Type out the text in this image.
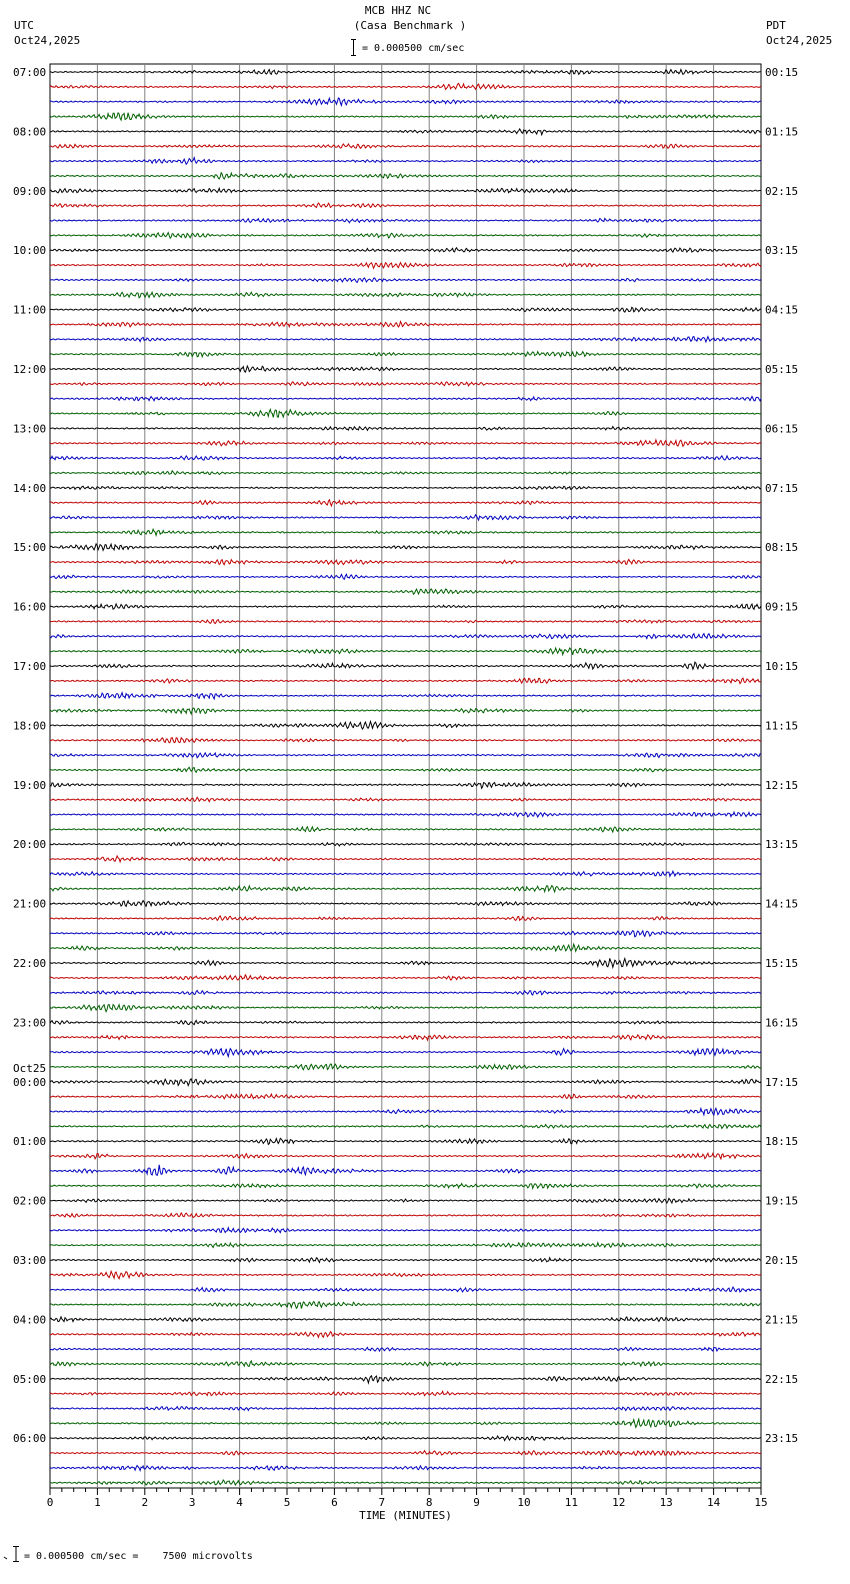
UTC
Oct24,2025
MCB HHZ NC
(Casa Benchmark )
= 0.000500 cm/sec
PDT
Oct24,2025
07:00
08:00
09:00
10:00
11:00
12:00
13:00
14:00
15:00
16:00
17:00
18:00
19:00
20:00
21:00
22:00
23:00
00:00
01:00
02:00
03:00
04:00
05:00
06:00
Oct25
00:15
01:15
02:15
03:15
04:15
05:15
06:15
07:15
08:15
09:15
10:15
11:15
12:15
13:15
14:15
15:15
16:15
17:15
18:15
19:15
20:15
21:15
22:15
23:15
0	1	2	3	4	5	6	7	8	9	10	11	12	13	14	15
TIME (MINUTES)
= 0.000500 cm/sec =    7500 microvolts
